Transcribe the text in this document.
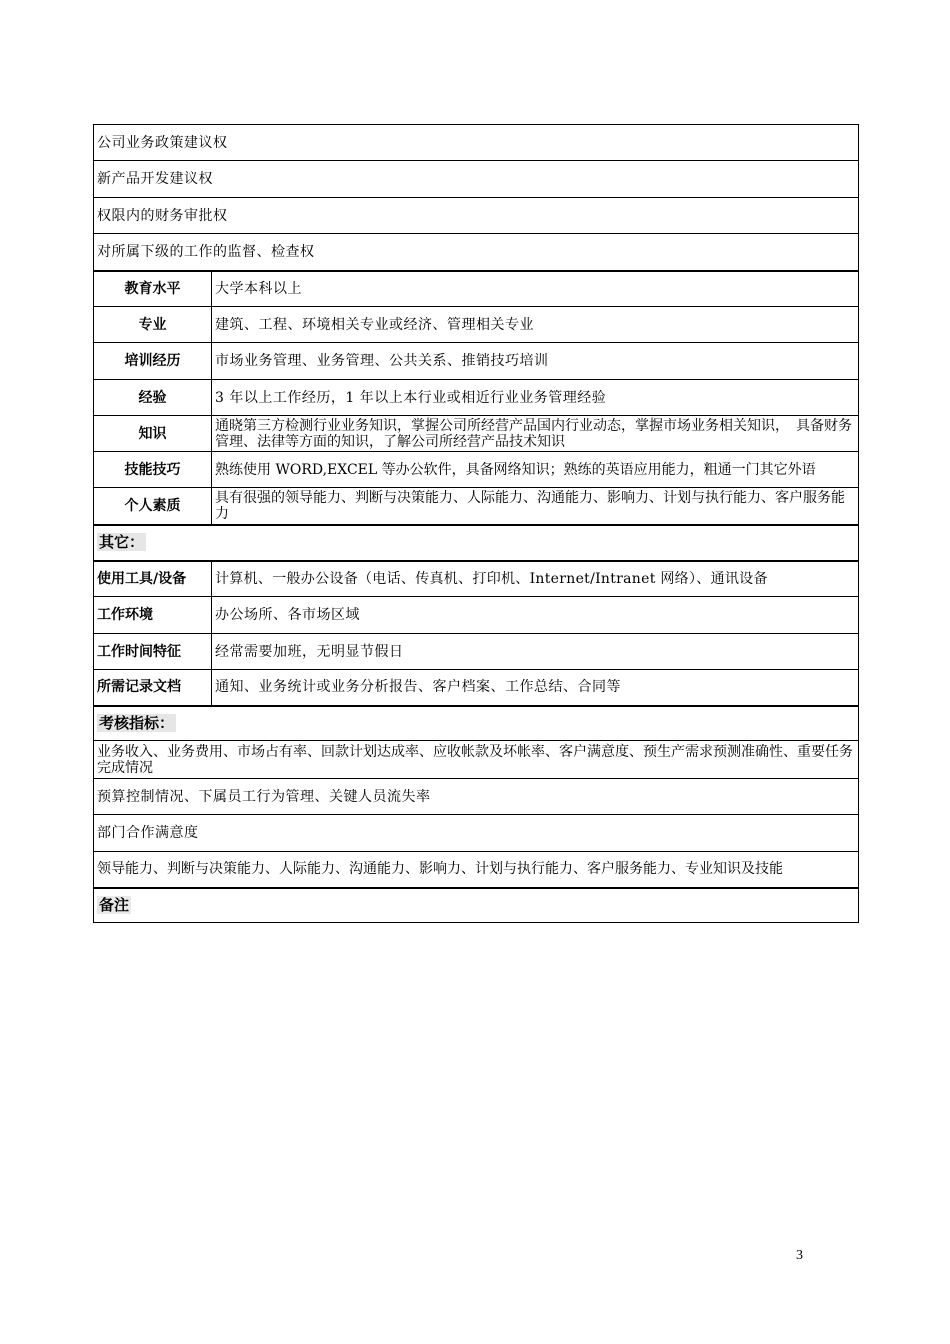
公司业务政策建议权	
新产品开发建议权	
权限内的财务审批权	
对所属下级的工作的监督、检查权	
教育水平	大学本科以上
专业	建筑、工程、环境相关专业或经济、管理相关专业
培训经历	市场业务管理、业务管理、公共关系、推销技巧培训
经验	3 年以上工作经历，1 年以上本行业或相近行业业务管理经验
知识	通晓第三方检测行业业务知识，掌握公司所经营产品国内行业动态，掌握市场业务相关知识，　具备财务管理、法律等方面的知识，了解公司所经营产品技术知识
技能技巧	熟练使用 WORD,EXCEL 等办公软件，具备网络知识；熟练的英语应用能力，粗通一门其它外语
个人素质	具有很强的领导能力、判断与决策能力、人际能力、沟通能力、影响力、计划与执行能力、客户服务能力
其它：	
使用工具/设备	计算机、一般办公设备（电话、传真机、打印机、Internet/Intranet 网络）、通讯设备
工作环境	办公场所、各市场区域
工作时间特征	经常需要加班，无明显节假日
所需记录文档	通知、业务统计或业务分析报告、客户档案、工作总结、合同等
考核指标：	
业务收入、业务费用、市场占有率、回款计划达成率、应收帐款及坏帐率、客户满意度、预生产需求预测准确性、重要任务完成情况	
预算控制情况、下属员工行为管理、关键人员流失率	
部门合作满意度	
领导能力、判断与决策能力、人际能力、沟通能力、影响力、计划与执行能力、客户服务能力、专业知识及技能	
备注	
3
